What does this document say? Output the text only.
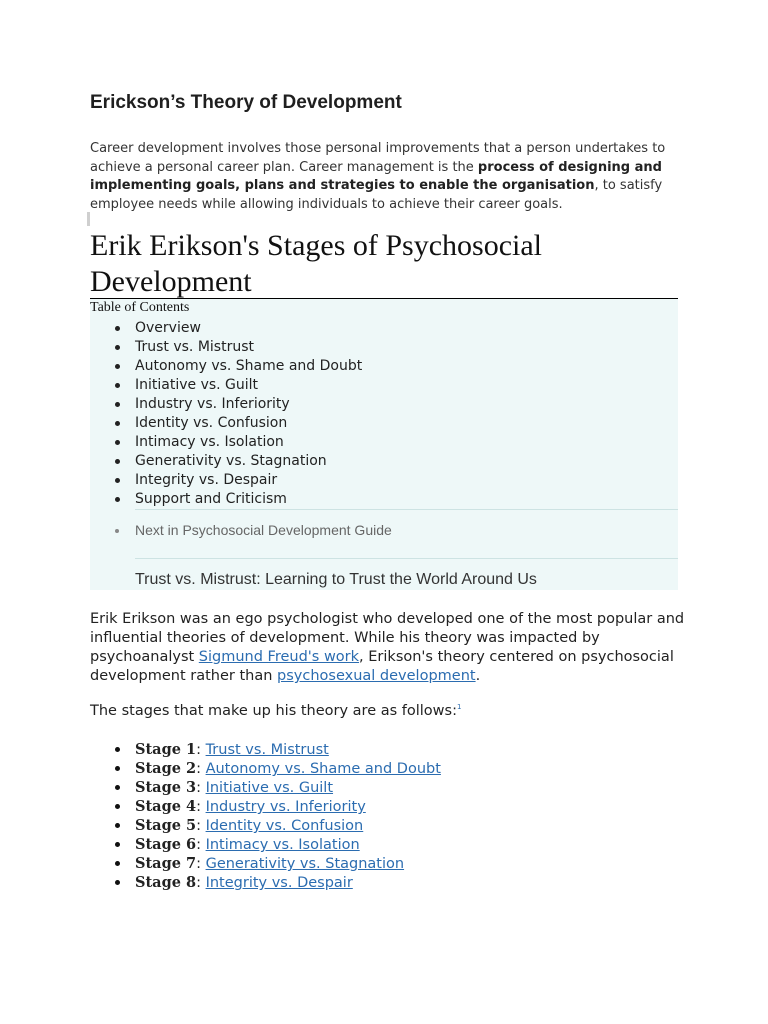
Erickson’s Theory of Development
Career development involves those personal improvements that a person undertakes to achieve a personal career plan. Career management is the process of designing and implementing goals, plans and strategies to enable the organisation, to satisfy employee needs while allowing individuals to achieve their career goals.
Erik Erikson's Stages of Psychosocial Development
Table of Contents
Overview
Trust vs. Mistrust
Autonomy vs. Shame and Doubt
Initiative vs. Guilt
Industry vs. Inferiority
Identity vs. Confusion
Intimacy vs. Isolation
Generativity vs. Stagnation
Integrity vs. Despair
Support and Criticism
Next in Psychosocial Development Guide
Trust vs. Mistrust: Learning to Trust the World Around Us
Erik Erikson was an ego psychologist who developed one of the most popular and influential theories of development. While his theory was impacted by psychoanalyst Sigmund Freud's work, Erikson's theory centered on psychosocial development rather than psychosexual development.
The stages that make up his theory are as follows:$^1$
Stage 1: Trust vs. Mistrust
Stage 2: Autonomy vs. Shame and Doubt
Stage 3: Initiative vs. Guilt
Stage 4: Industry vs. Inferiority
Stage 5: Identity vs. Confusion
Stage 6: Intimacy vs. Isolation
Stage 7: Generativity vs. Stagnation
Stage 8: Integrity vs. Despair
